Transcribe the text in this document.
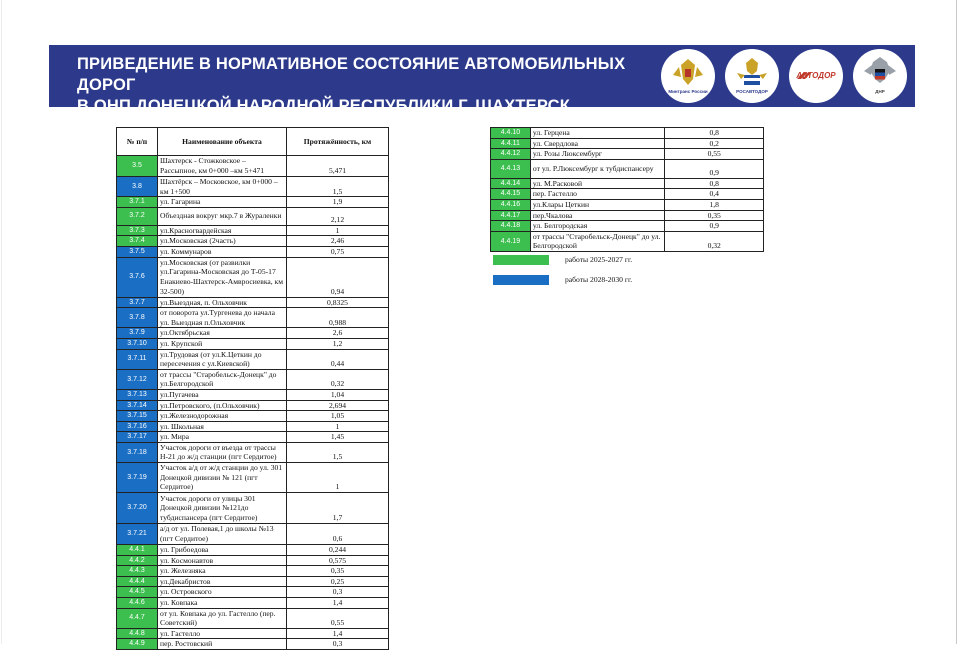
ПРИВЕДЕНИЕ В НОРМАТИВНОЕ СОСТОЯНИЕ АВТОМОБИЛЬНЫХ ДОРОГ
В ОНП ДОНЕЦКОЙ НАРОДНОЙ РЕСПУБЛИКИ Г. ШАХТЕРСК

Минтранс России	РОСАВТОДОР
АВТОДОР
ДНР
№ п/п	Наименование объекта	Протяжённость, км
3.5	Шахтерск - Стожковское – Рассыпное, км 0+000 –км 5+471	5,471
3.8	Шахтёрск – Московское, км 0+000 –км 1+500	1,5
3.7.1	ул. Гагарина	1,9
3.7.2	Объездная вокруг мкр.7 в Жураленки	2,12
3.7.3	ул.Красногвардейская	1
3.7.4	ул.Московская (2часть)	2,46
3.7.5	ул. Коммунаров	0,75
3.7.6	ул.Московская (от развилки ул.Гагарина-Московская до Т-05-17 Енакиево-Шахтерск-Амвросиевка, км 32-500)	0,94
3.7.7	ул.Выездная, п. Ольховчик	0,8325
3.7.8	от поворота ул.Тургенева до начала ул. Выездная п.Ольховчик	0,988
3.7.9	ул.Октябрьская	2,6
3.7.10	ул. Крупской	1,2
3.7.11	ул.Трудовая (от ул.К.Цеткин до пересечения с ул.Киевской)	0,44
3.7.12	от трассы "Старобельск-Донецк" до ул.Белгородской	0,32
3.7.13	ул.Пугачева	1,04
3.7.14	ул.Петровского, (п.Ольховчик)	2,694
3.7.15	ул.Железнодорожная	1,05
3.7.16	ул. Школьная	1
3.7.17	ул. Мира	1,45
3.7.18	Участок дороги от въезда от трассы Н-21 до ж/д станции (пгт Сердитое)	1,5
3.7.19	Участок а/д от ж/д станции до ул. 301 Донецкой дивизии № 121 (пгт Сердитое)	1
3.7.20	Участок дороги от улицы 301 Донецкой дивизии №121до тубдиспансера (пгт Сердитое)	1,7
3.7.21	а/д от ул. Полевая,1 до школы №13 (пгт Сердитое)	0,6
4.4.1	ул. Грибоедова	0,244
4.4.2	ул. Космонавтов	0,575
4.4.3	ул. Железняка	0,35
4.4.4	ул.Декабристов	0,25
4.4.5	ул. Островского	0,3
4.4.6	ул. Ковпака	1,4
4.4.7	от ул. Ковпака до ул. Гастелло (пер. Советский)	0,55
4.4.8	ул. Гастелло	1,4
4.4.9	пер. Ростовский	0,3
4.4.10	ул. Герцена	0,8
4.4.11	ул. Свердлова	0,2
4.4.12	ул. Розы Люксембург	0,55
4.4.13	от ул. Р.Люксембург к тубдиспансеру	0,9
4.4.14	ул. М.Расковой	0,8
4.4.15	пер. Гастелло	0,4
4.4.16	ул.Клары Цеткин	1,8
4.4.17	пер.Чкалова	0,35
4.4.18	ул. Белгородская	0,9
4.4.19	от трассы "Старобельск-Донецк" до ул. Белгородской	0,32
работы 2025-2027 гг.
работы 2028-2030 гг.
